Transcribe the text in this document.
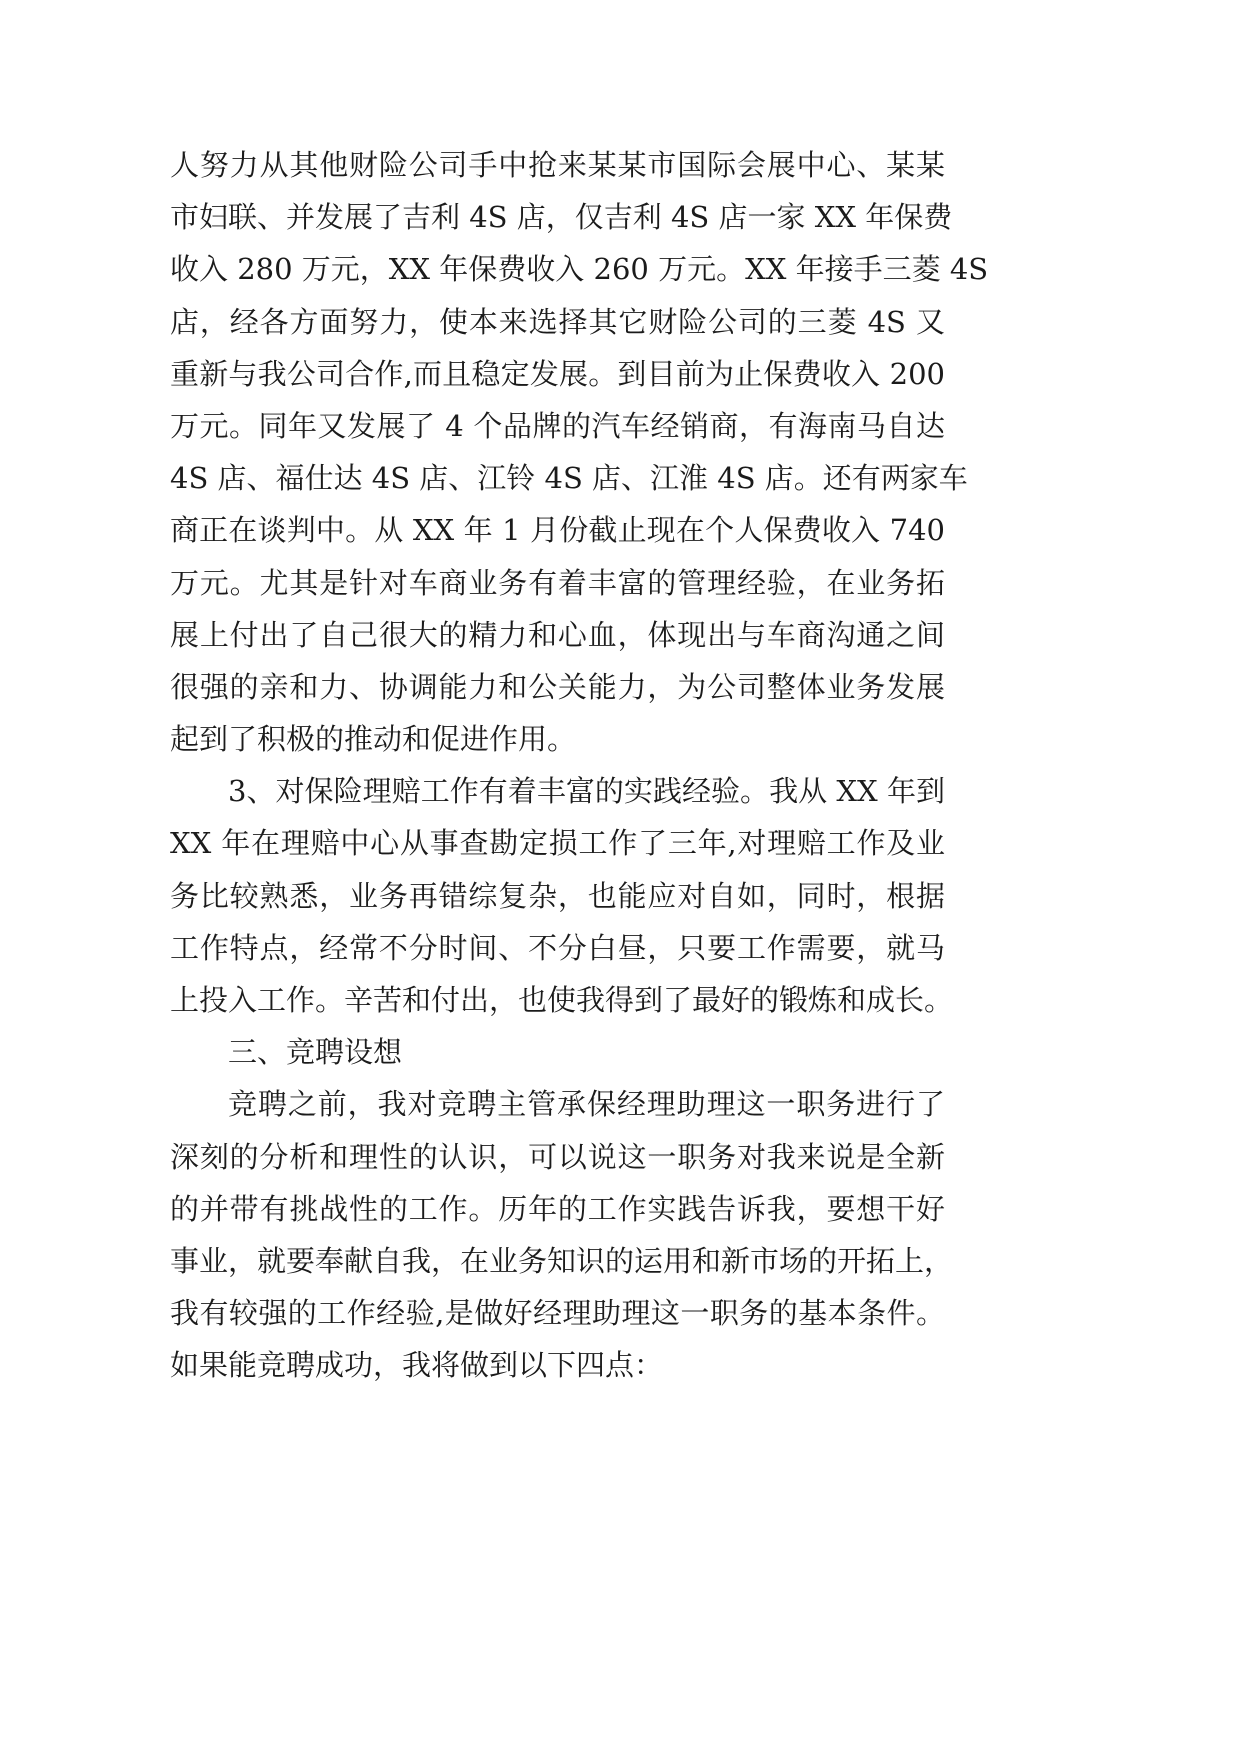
人努力从其他财险公司手中抢来某某市国际会展中心、某某
市妇联、并发展了吉利 4S 店，仅吉利 4S 店一家 XX 年保费
收入 280 万元，XX 年保费收入 260 万元。XX 年接手三菱 4S
店，经各方面努力，使本来选择其它财险公司的三菱 4S 又
重新与我公司合作,而且稳定发展。到目前为止保费收入 200
万元。同年又发展了 4 个品牌的汽车经销商，有海南马自达
4S 店、福仕达 4S 店、江铃 4S 店、江淮 4S 店。还有两家车
商正在谈判中。从 XX 年 1 月份截止现在个人保费收入 740
万元。尤其是针对车商业务有着丰富的管理经验，在业务拓
展上付出了自己很大的精力和心血，体现出与车商沟通之间
很强的亲和力、协调能力和公关能力，为公司整体业务发展
起到了积极的推动和促进作用。
3、对保险理赔工作有着丰富的实践经验。我从 XX 年到
XX 年在理赔中心从事查勘定损工作了三年,对理赔工作及业
务比较熟悉，业务再错综复杂，也能应对自如，同时，根据
工作特点，经常不分时间、不分白昼，只要工作需要，就马
上投入工作。辛苦和付出，也使我得到了最好的锻炼和成长。
三、竞聘设想
竞聘之前，我对竞聘主管承保经理助理这一职务进行了
深刻的分析和理性的认识，可以说这一职务对我来说是全新
的并带有挑战性的工作。历年的工作实践告诉我，要想干好
事业，就要奉献自我，在业务知识的运用和新市场的开拓上，
我有较强的工作经验,是做好经理助理这一职务的基本条件。
如果能竞聘成功，我将做到以下四点：
